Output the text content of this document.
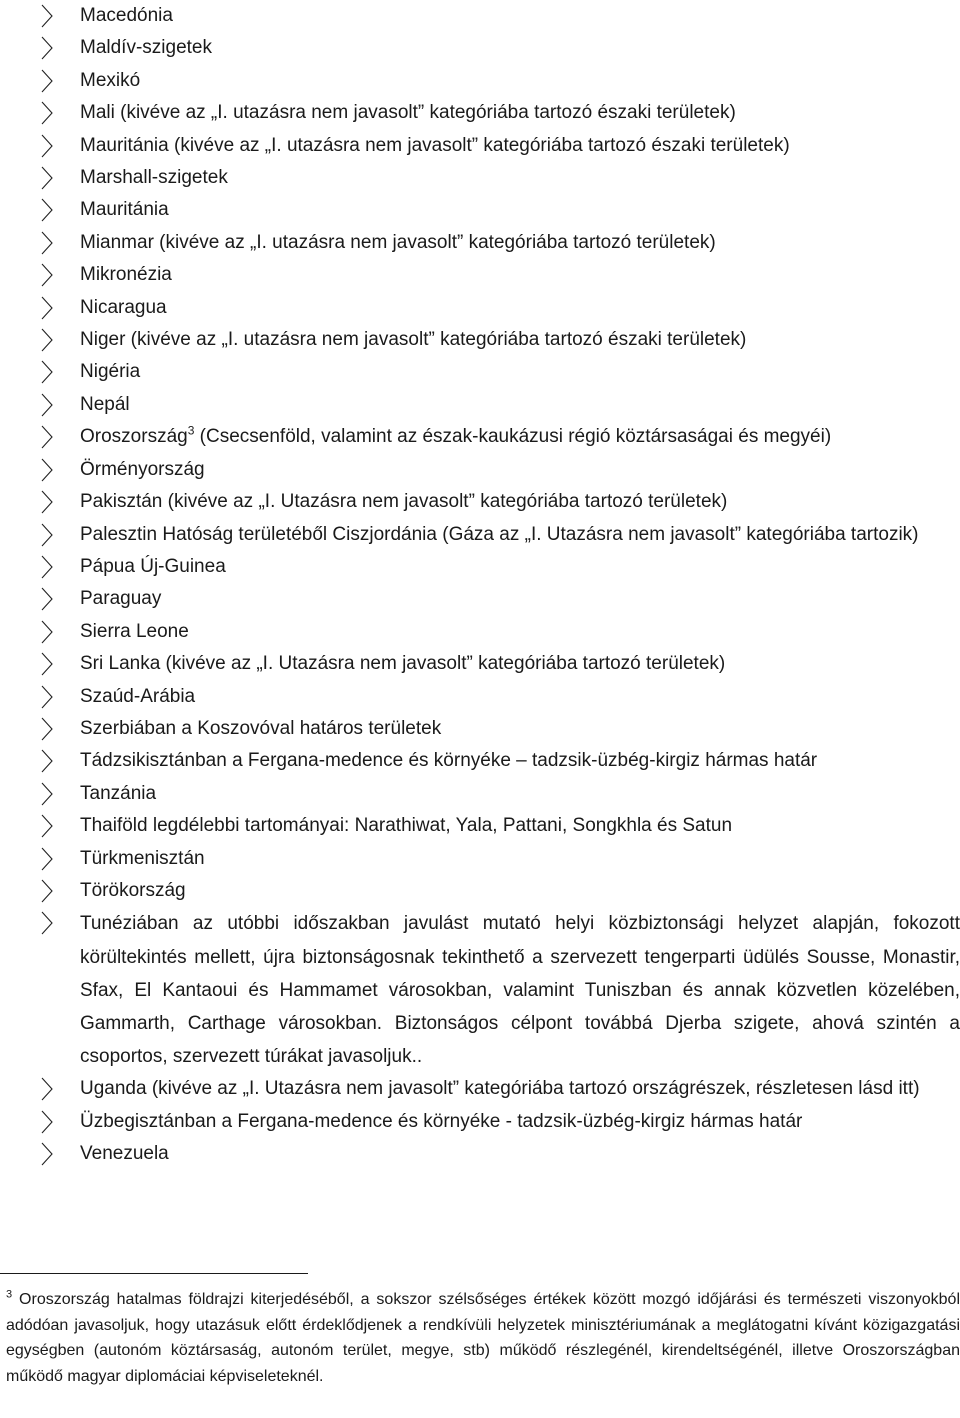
Macedónia
Maldív-szigetek
Mexikó
Mali (kivéve az „I. utazásra nem javasolt” kategóriába tartozó északi területek)
Mauritánia (kivéve az „I. utazásra nem javasolt” kategóriába tartozó északi területek)
Marshall-szigetek
Mauritánia
Mianmar (kivéve az „I. utazásra nem javasolt” kategóriába tartozó területek)
Mikronézia
Nicaragua
Niger (kivéve az „I. utazásra nem javasolt” kategóriába tartozó északi területek)
Nigéria
Nepál
Oroszország$^3$ (Csecsenföld, valamint az észak-kaukázusi régió köztársaságai és megyéi)
Örményország
Pakisztán (kivéve az „I. Utazásra nem javasolt” kategóriába tartozó területek)
Palesztin Hatóság területéből Ciszjordánia (Gáza az „I. Utazásra nem javasolt” kategóriába tartozik)
Pápua Új-Guinea
Paraguay
Sierra Leone
Sri Lanka (kivéve az „I. Utazásra nem javasolt” kategóriába tartozó területek)
Szaúd-Arábia
Szerbiában a Koszovóval határos területek
Tádzsikisztánban a Fergana-medence és környéke – tadzsik-üzbég-kirgiz hármas határ
Tanzánia
Thaiföld legdélebbi tartományai: Narathiwat, Yala, Pattani, Songkhla és Satun
Türkmenisztán
Törökország
Tunéziában az utóbbi időszakban javulást mutató helyi közbiztonsági helyzet alapján, fokozott körültekintés mellett, újra biztonságosnak tekinthető a szervezett tengerparti üdülés Sousse, Monastir, Sfax, El Kantaoui és Hammamet városokban, valamint Tuniszban és annak közvetlen közelében, Gammarth, Carthage városokban. Biztonságos célpont továbbá Djerba szigete, ahová szintén a csoportos, szervezett túrákat javasoljuk..
Uganda (kivéve az „I. Utazásra nem javasolt” kategóriába tartozó országrészek, részletesen lásd itt)
Üzbegisztánban a Fergana-medence és környéke - tadzsik-üzbég-kirgiz hármas határ
Venezuela
$^3$ Oroszország hatalmas földrajzi kiterjedéséből, a sokszor szélsőséges értékek között mozgó időjárási és természeti viszonyokból adódóan javasoljuk, hogy utazásuk előtt érdeklődjenek a rendkívüli helyzetek minisztériumának a meglátogatni kívánt közigazgatási egységben (autonóm köztársaság, autonóm terület, megye, stb) működő részlegénél, kirendeltségénél, illetve Oroszországban működő magyar diplomáciai képviseleteknél.
